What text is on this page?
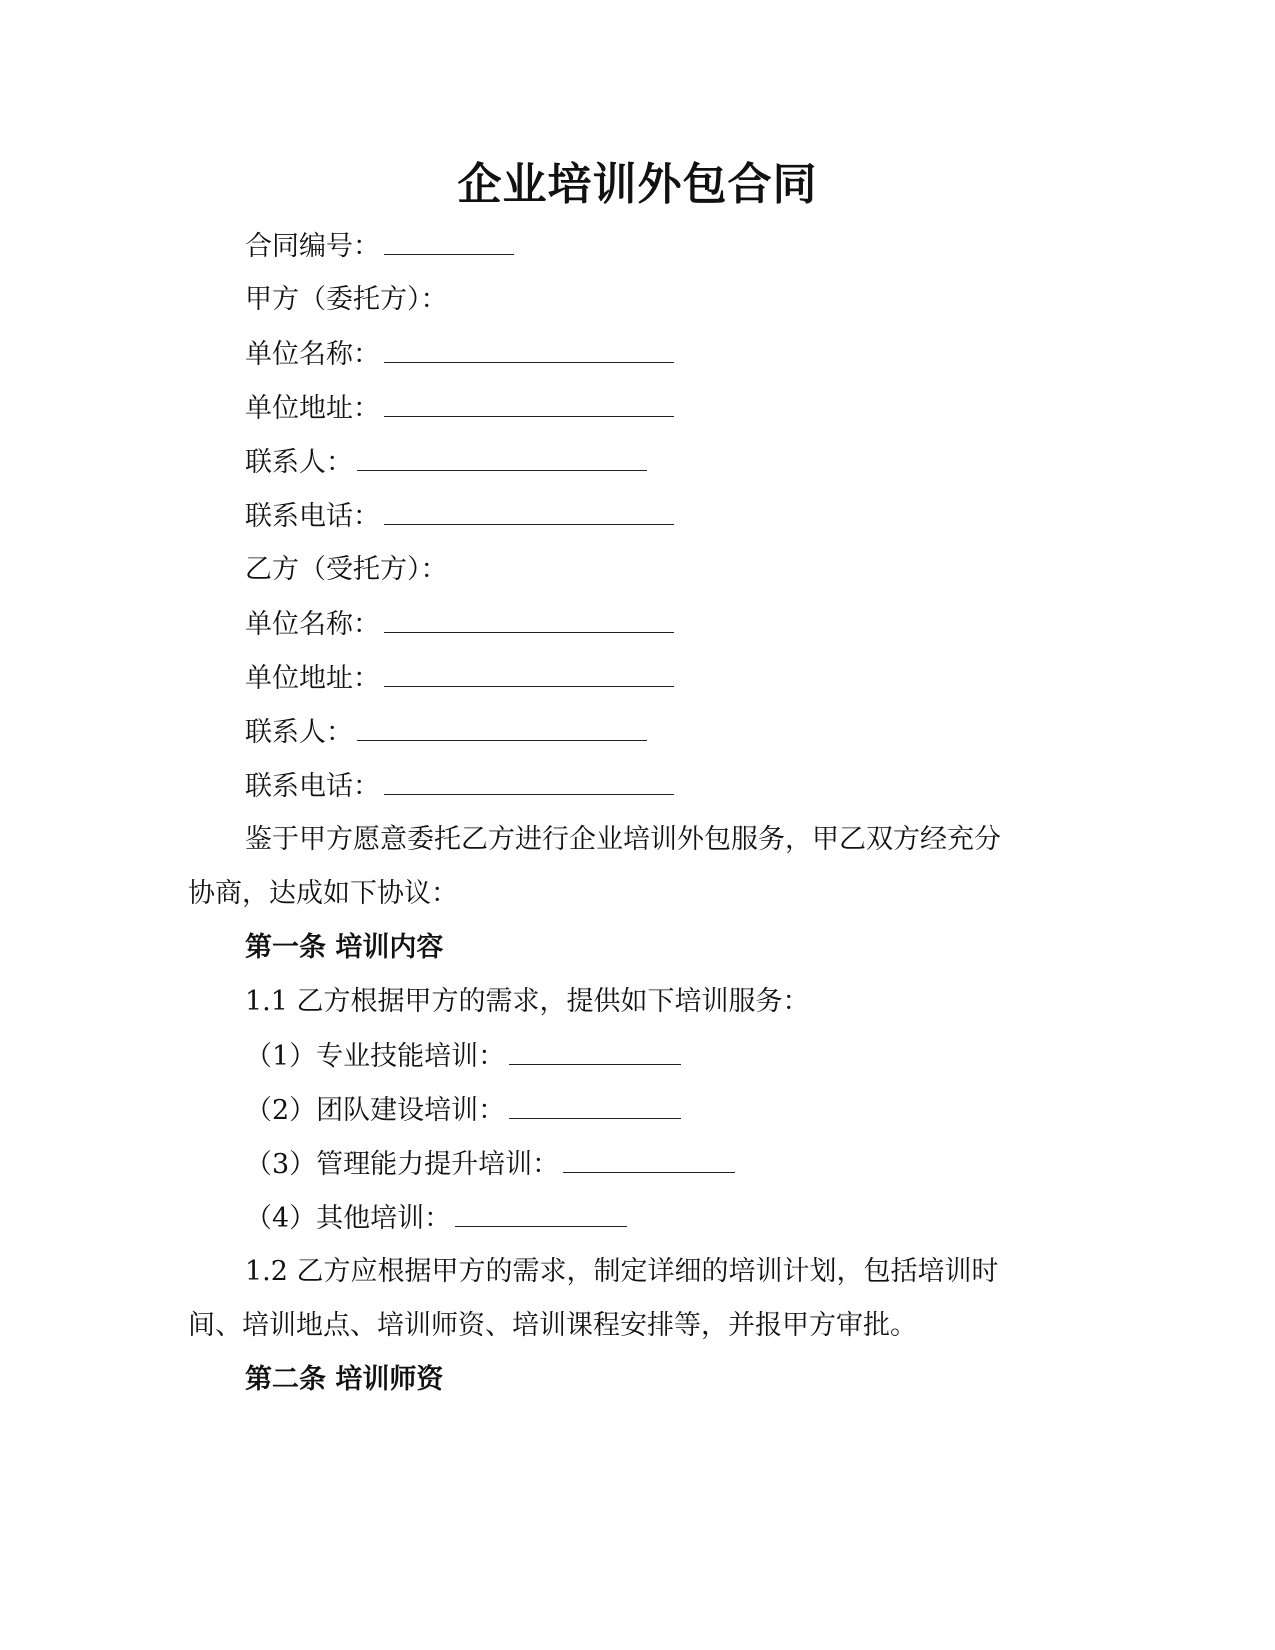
企业培训外包合同
合同编号：
甲方（委托方）：
单位名称：
单位地址：
联系人：
联系电话：
乙方（受托方）：
单位名称：
单位地址：
联系人：
联系电话：
鉴于甲方愿意委托乙方进行企业培训外包服务，甲乙双方经充分
协商，达成如下协议：
第一条 培训内容
1.1 乙方根据甲方的需求，提供如下培训服务：
（1）专业技能培训：
（2）团队建设培训：
（3）管理能力提升培训：
（4）其他培训：
1.2 乙方应根据甲方的需求，制定详细的培训计划，包括培训时
间、培训地点、培训师资、培训课程安排等，并报甲方审批。
第二条 培训师资
